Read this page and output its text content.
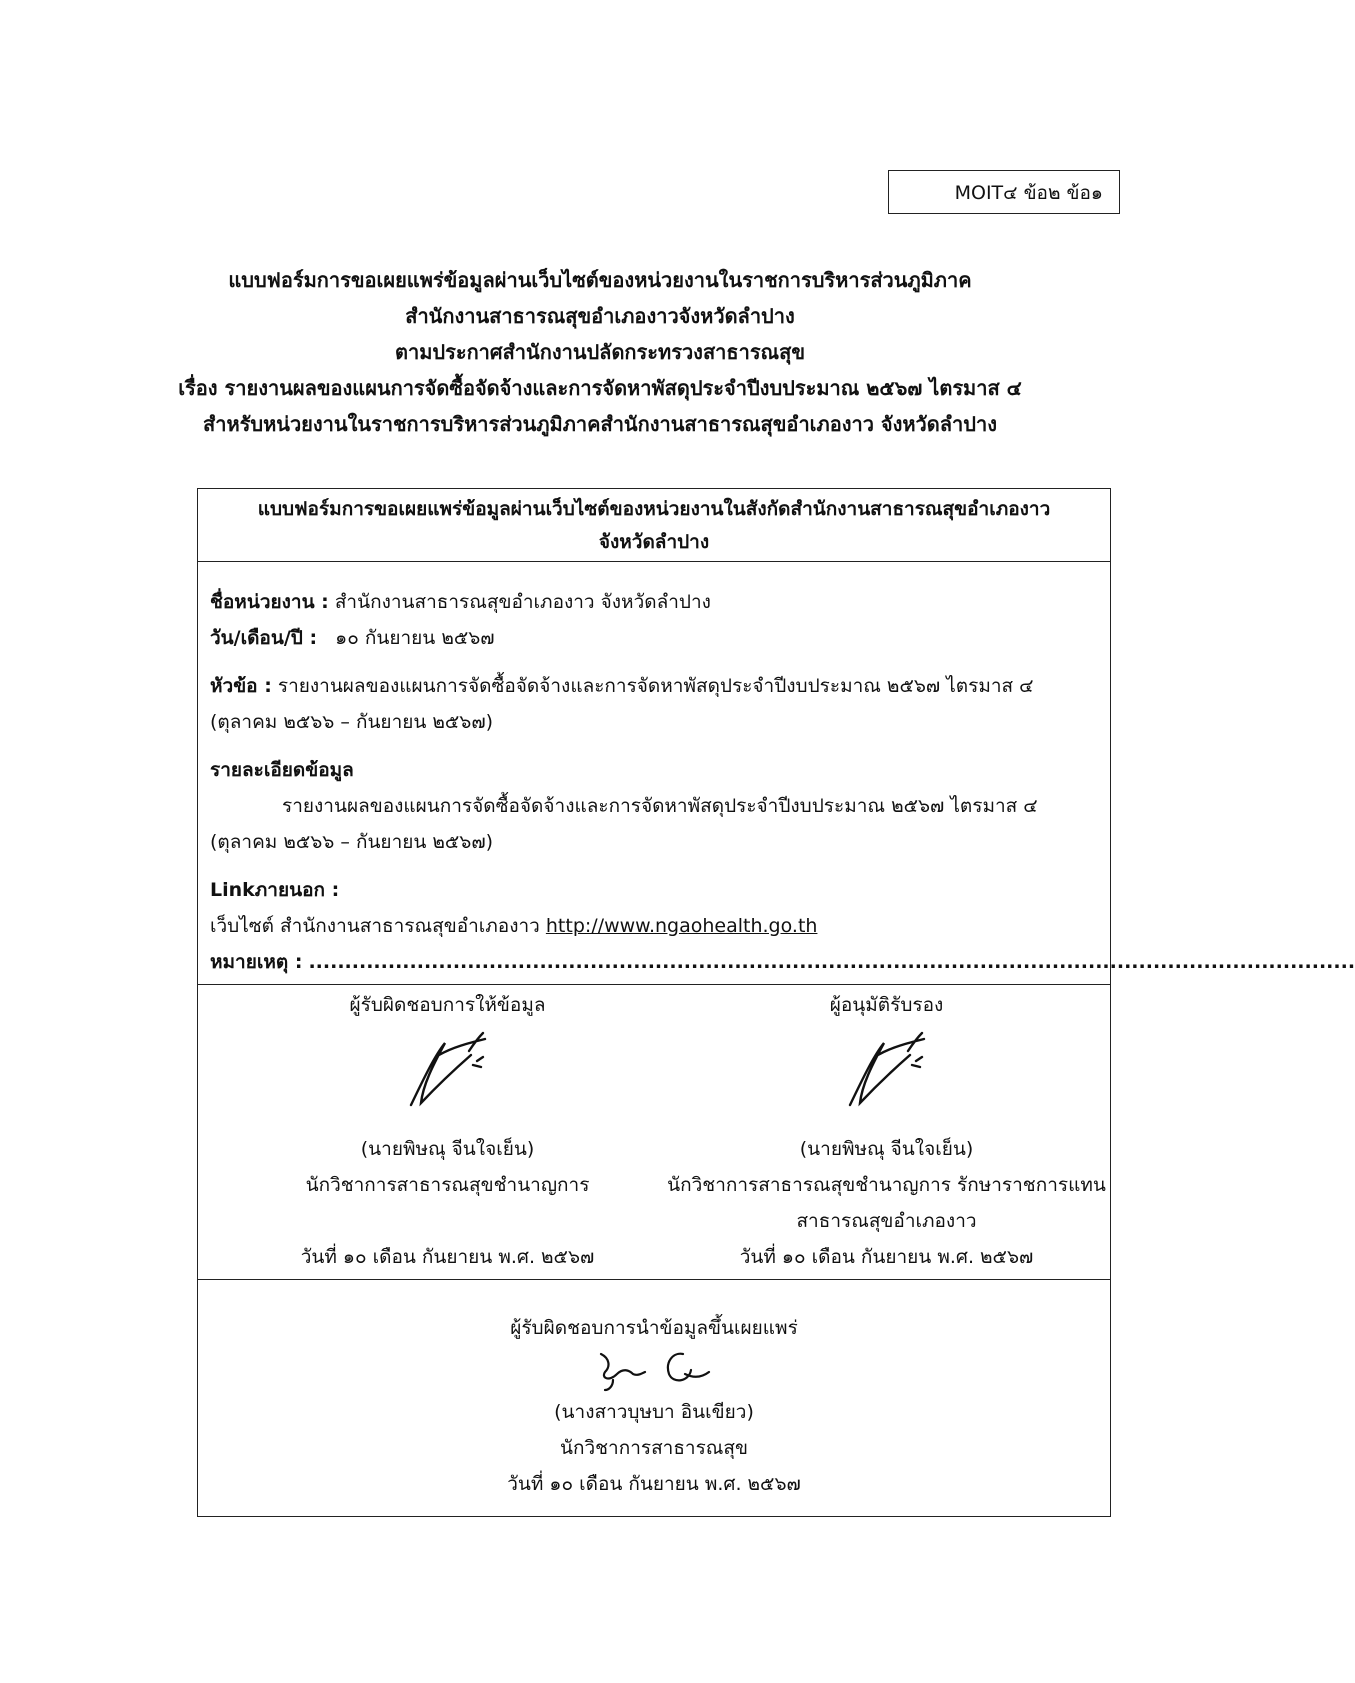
MOIT๔ ข้อ๒ ข้อ๑
แบบฟอร์มการขอเผยแพร่ข้อมูลผ่านเว็บไซต์ของหน่วยงานในราชการบริหารส่วนภูมิภาค
สำนักงานสาธารณสุขอำเภองาวจังหวัดลำปาง
ตามประกาศสำนักงานปลัดกระทรวงสาธารณสุข
เรื่อง รายงานผลของแผนการจัดซื้อจัดจ้างและการจัดหาพัสดุประจำปีงบประมาณ ๒๕๖๗ ไตรมาส ๔
สำหรับหน่วยงานในราชการบริหารส่วนภูมิภาคสำนักงานสาธารณสุขอำเภองาว จังหวัดลำปาง
แบบฟอร์มการขอเผยแพร่ข้อมูลผ่านเว็บไซต์ของหน่วยงานในสังกัดสำนักงานสาธารณสุขอำเภองาว
จังหวัดลำปาง
ชื่อหน่วยงาน : สำนักงานสาธารณสุขอำเภองาว จังหวัดลำปาง
วัน/เดือน/ปี : ๑๐ กันยายน ๒๕๖๗
หัวข้อ : รายงานผลของแผนการจัดซื้อจัดจ้างและการจัดหาพัสดุประจำปีงบประมาณ ๒๕๖๗ ไตรมาส ๔
(ตุลาคม ๒๕๖๖ – กันยายน ๒๕๖๗)
รายละเอียดข้อมูล
รายงานผลของแผนการจัดซื้อจัดจ้างและการจัดหาพัสดุประจำปีงบประมาณ ๒๕๖๗ ไตรมาส ๔
(ตุลาคม ๒๕๖๖ – กันยายน ๒๕๖๗)
Linkภายนอก :
เว็บไซต์ สำนักงานสาธารณสุขอำเภองาว http://www.ngaohealth.go.th
หมายเหตุ : .................................................................................................................................................
ผู้รับผิดชอบการให้ข้อมูล
(นายพิษณุ จีนใจเย็น)
นักวิชาการสาธารณสุขชำนาญการ
วันที่ ๑๐ เดือน กันยายน พ.ศ. ๒๕๖๗
ผู้อนุมัติรับรอง
(นายพิษณุ จีนใจเย็น)
นักวิชาการสาธารณสุขชำนาญการ รักษาราชการแทน
สาธารณสุขอำเภองาว
วันที่ ๑๐ เดือน กันยายน พ.ศ. ๒๕๖๗
ผู้รับผิดชอบการนำข้อมูลขึ้นเผยแพร่
(นางสาวบุษบา อินเขียว)
นักวิชาการสาธารณสุข
วันที่ ๑๐ เดือน กันยายน พ.ศ. ๒๕๖๗
